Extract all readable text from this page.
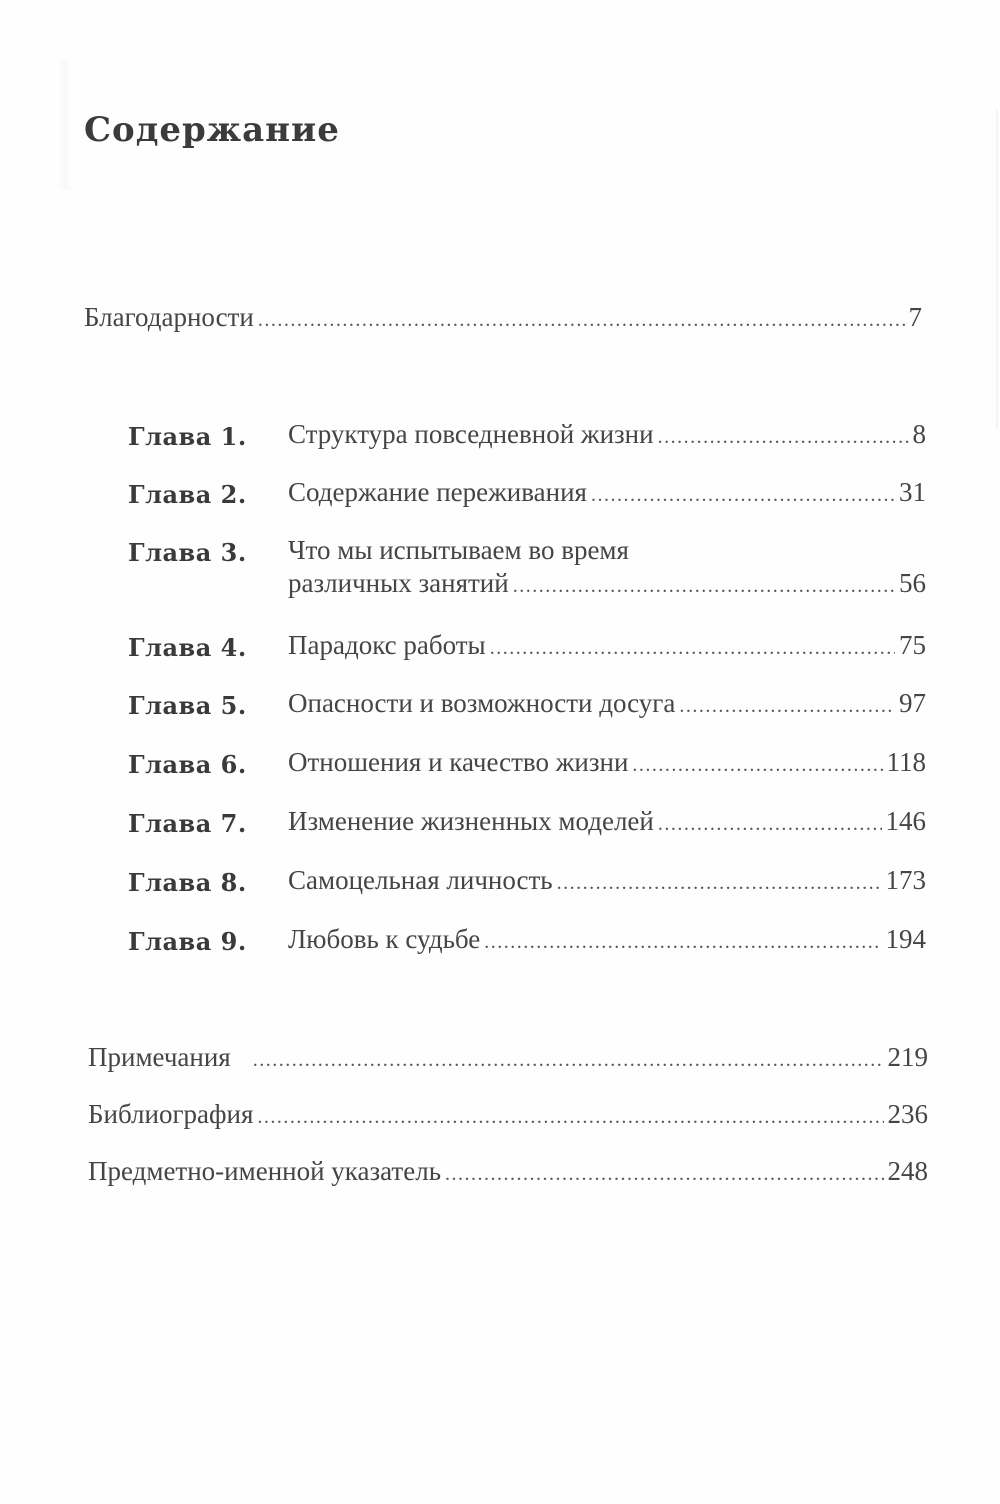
Содержание
Благодарности .....	7
Глава 1. Структура повседневной жизни .....	8
Глава 2. Содержание переживания .....	31
Глава 3. Что мы испытываем во время
различных занятий .....	56
Глава 4. Парадокс работы .....	75
Глава 5. Опасности и возможности досуга .....	97
Глава 6. Отношения и качество жизни .....	118
Глава 7. Изменение жизненных моделей .....	146
Глава 8. Самоцельная личность .....	173
Глава 9. Любовь к судьбе .....	194
Примечания .....	219
Библиография .....	236
Предметно-именной указатель .....	248
